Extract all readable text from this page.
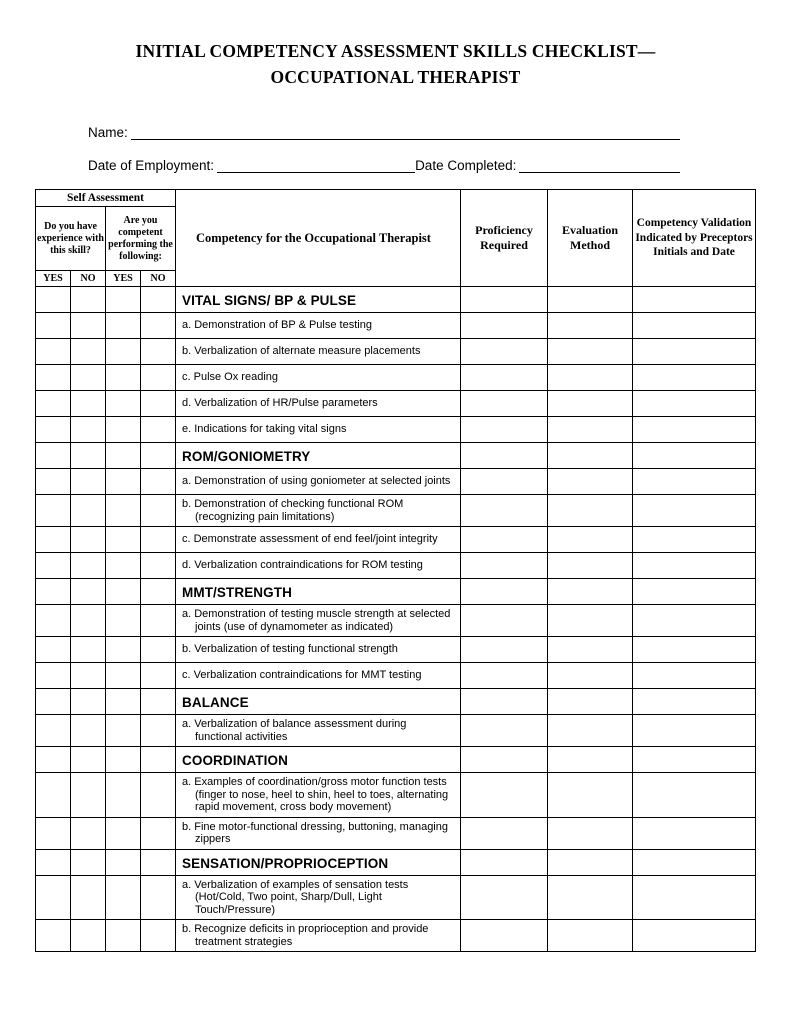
INITIAL COMPETENCY ASSESSMENT SKILLS CHECKLIST—
OCCUPATIONAL THERAPIST
Name:
Date of Employment:	Date Completed:
Self Assessment				Competency for the Occupational Therapist	Proficiency Required	Evaluation Method	Competency Validation Indicated by Preceptors Initials and Date
Do you have experience with this skill?		Are you competent performing the following:					
YES	NO	YES	NO				
				VITAL SIGNS/ BP & PULSE			
				a. Demonstration of BP & Pulse testing			
				b. Verbalization of alternate measure placements			
				c. Pulse Ox reading			
				d. Verbalization of HR/Pulse parameters			
				e. Indications for taking vital signs			
				ROM/GONIOMETRY			
				a. Demonstration of using goniometer at selected joints			
				b. Demonstration of checking functional ROM (recognizing pain limitations)			
				c. Demonstrate assessment of end feel/joint integrity			
				d. Verbalization contraindications for ROM testing			
				MMT/STRENGTH			
				a. Demonstration of testing muscle strength at selected joints (use of dynamometer as indicated)			
				b. Verbalization of testing functional strength			
				c. Verbalization contraindications for MMT testing			
				BALANCE			
				a. Verbalization of balance assessment during functional activities			
				COORDINATION			
				a. Examples of coordination/gross motor function tests (finger to nose, heel to shin, heel to toes, alternating rapid movement, cross body movement)			
				b. Fine motor-functional dressing, buttoning, managing zippers			
				SENSATION/PROPRIOCEPTION			
				a. Verbalization of examples of sensation tests (Hot/Cold, Two point, Sharp/Dull, Light Touch/Pressure)			
				b. Recognize deficits in proprioception and provide treatment strategies			
